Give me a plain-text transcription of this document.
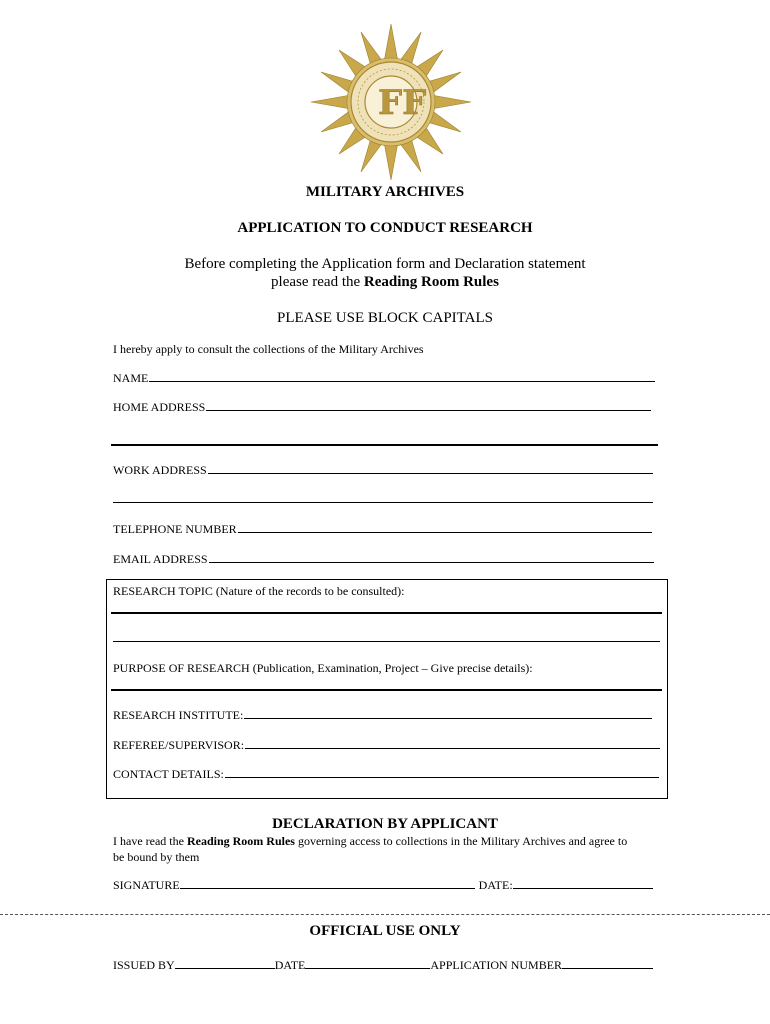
FF
MILITARY ARCHIVES
APPLICATION TO CONDUCT RESEARCH
Before completing the Application form and Declaration statement
please read the Reading Room Rules
PLEASE USE BLOCK CAPITALS
I hereby apply to consult the collections of the Military Archives
NAME
HOME ADDRESS
WORK ADDRESS
TELEPHONE NUMBER
EMAIL ADDRESS
RESEARCH TOPIC (Nature of the records to be consulted):
PURPOSE OF RESEARCH (Publication, Examination, Project – Give precise details):
RESEARCH INSTITUTE:
REFEREE/SUPERVISOR:
CONTACT DETAILS:
DECLARATION BY APPLICANT
I have read the Reading Room Rules governing access to collections in the Military Archives and agree to
be bound by them
SIGNATURE	DATE:
OFFICIAL USE ONLY
ISSUED BY	DATE	APPLICATION NUMBER
